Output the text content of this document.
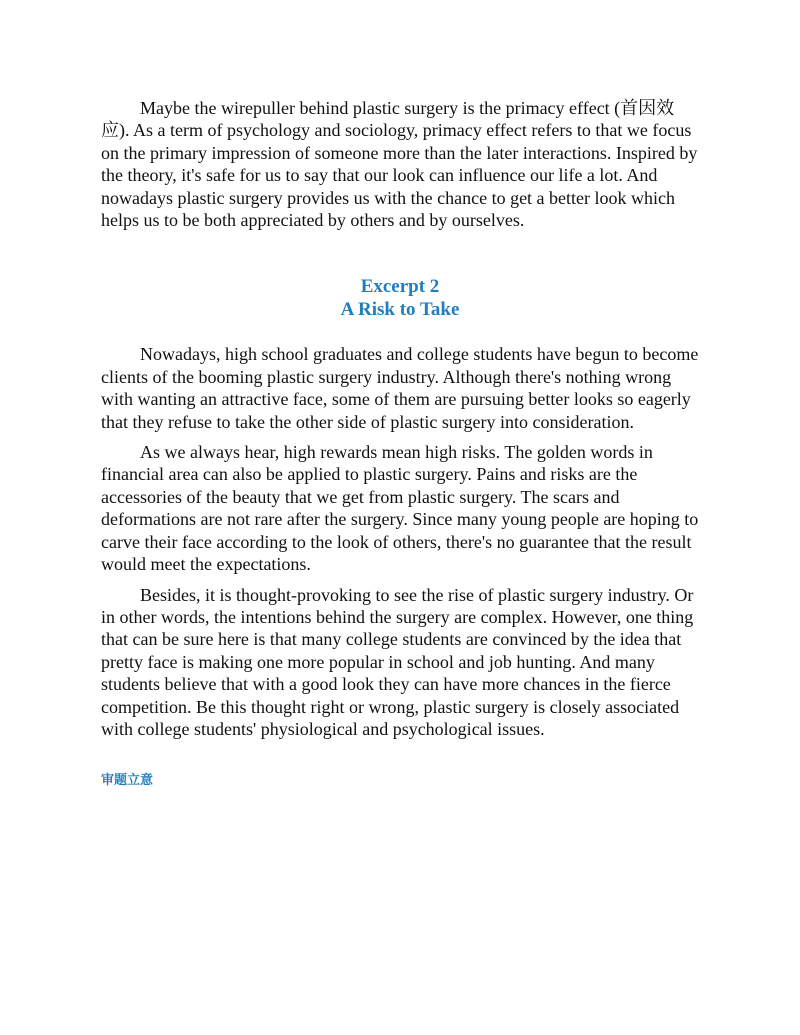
Maybe the wirepuller behind plastic surgery is the primacy effect (首因效应). As a term of psychology and sociology, primacy effect refers to that we focus on the primary impression of someone more than the later interactions. Inspired by the theory, it's safe for us to say that our look can influence our life a lot. And nowadays plastic surgery provides us with the chance to get a better look which helps us to be both appreciated by others and by ourselves.

Excerpt 2
A Risk to Take

Nowadays, high school graduates and college students have begun to become clients of the booming plastic surgery industry. Although there's nothing wrong with wanting an attractive face, some of them are pursuing better looks so eagerly that they refuse to take the other side of plastic surgery into consideration.

As we always hear, high rewards mean high risks. The golden words in financial area can also be applied to plastic surgery. Pains and risks are the accessories of the beauty that we get from plastic surgery. The scars and deformations are not rare after the surgery. Since many young people are hoping to carve their face according to the look of others, there's no guarantee that the result would meet the expectations.

Besides, it is thought-provoking to see the rise of plastic surgery industry. Or in other words, the intentions behind the surgery are complex. However, one thing that can be sure here is that many college students are convinced by the idea that pretty face is making one more popular in school and job hunting. And many students believe that with a good look they can have more chances in the fierce competition. Be this thought right or wrong, plastic surgery is closely associated with college students' physiological and psychological issues.

审题立意
